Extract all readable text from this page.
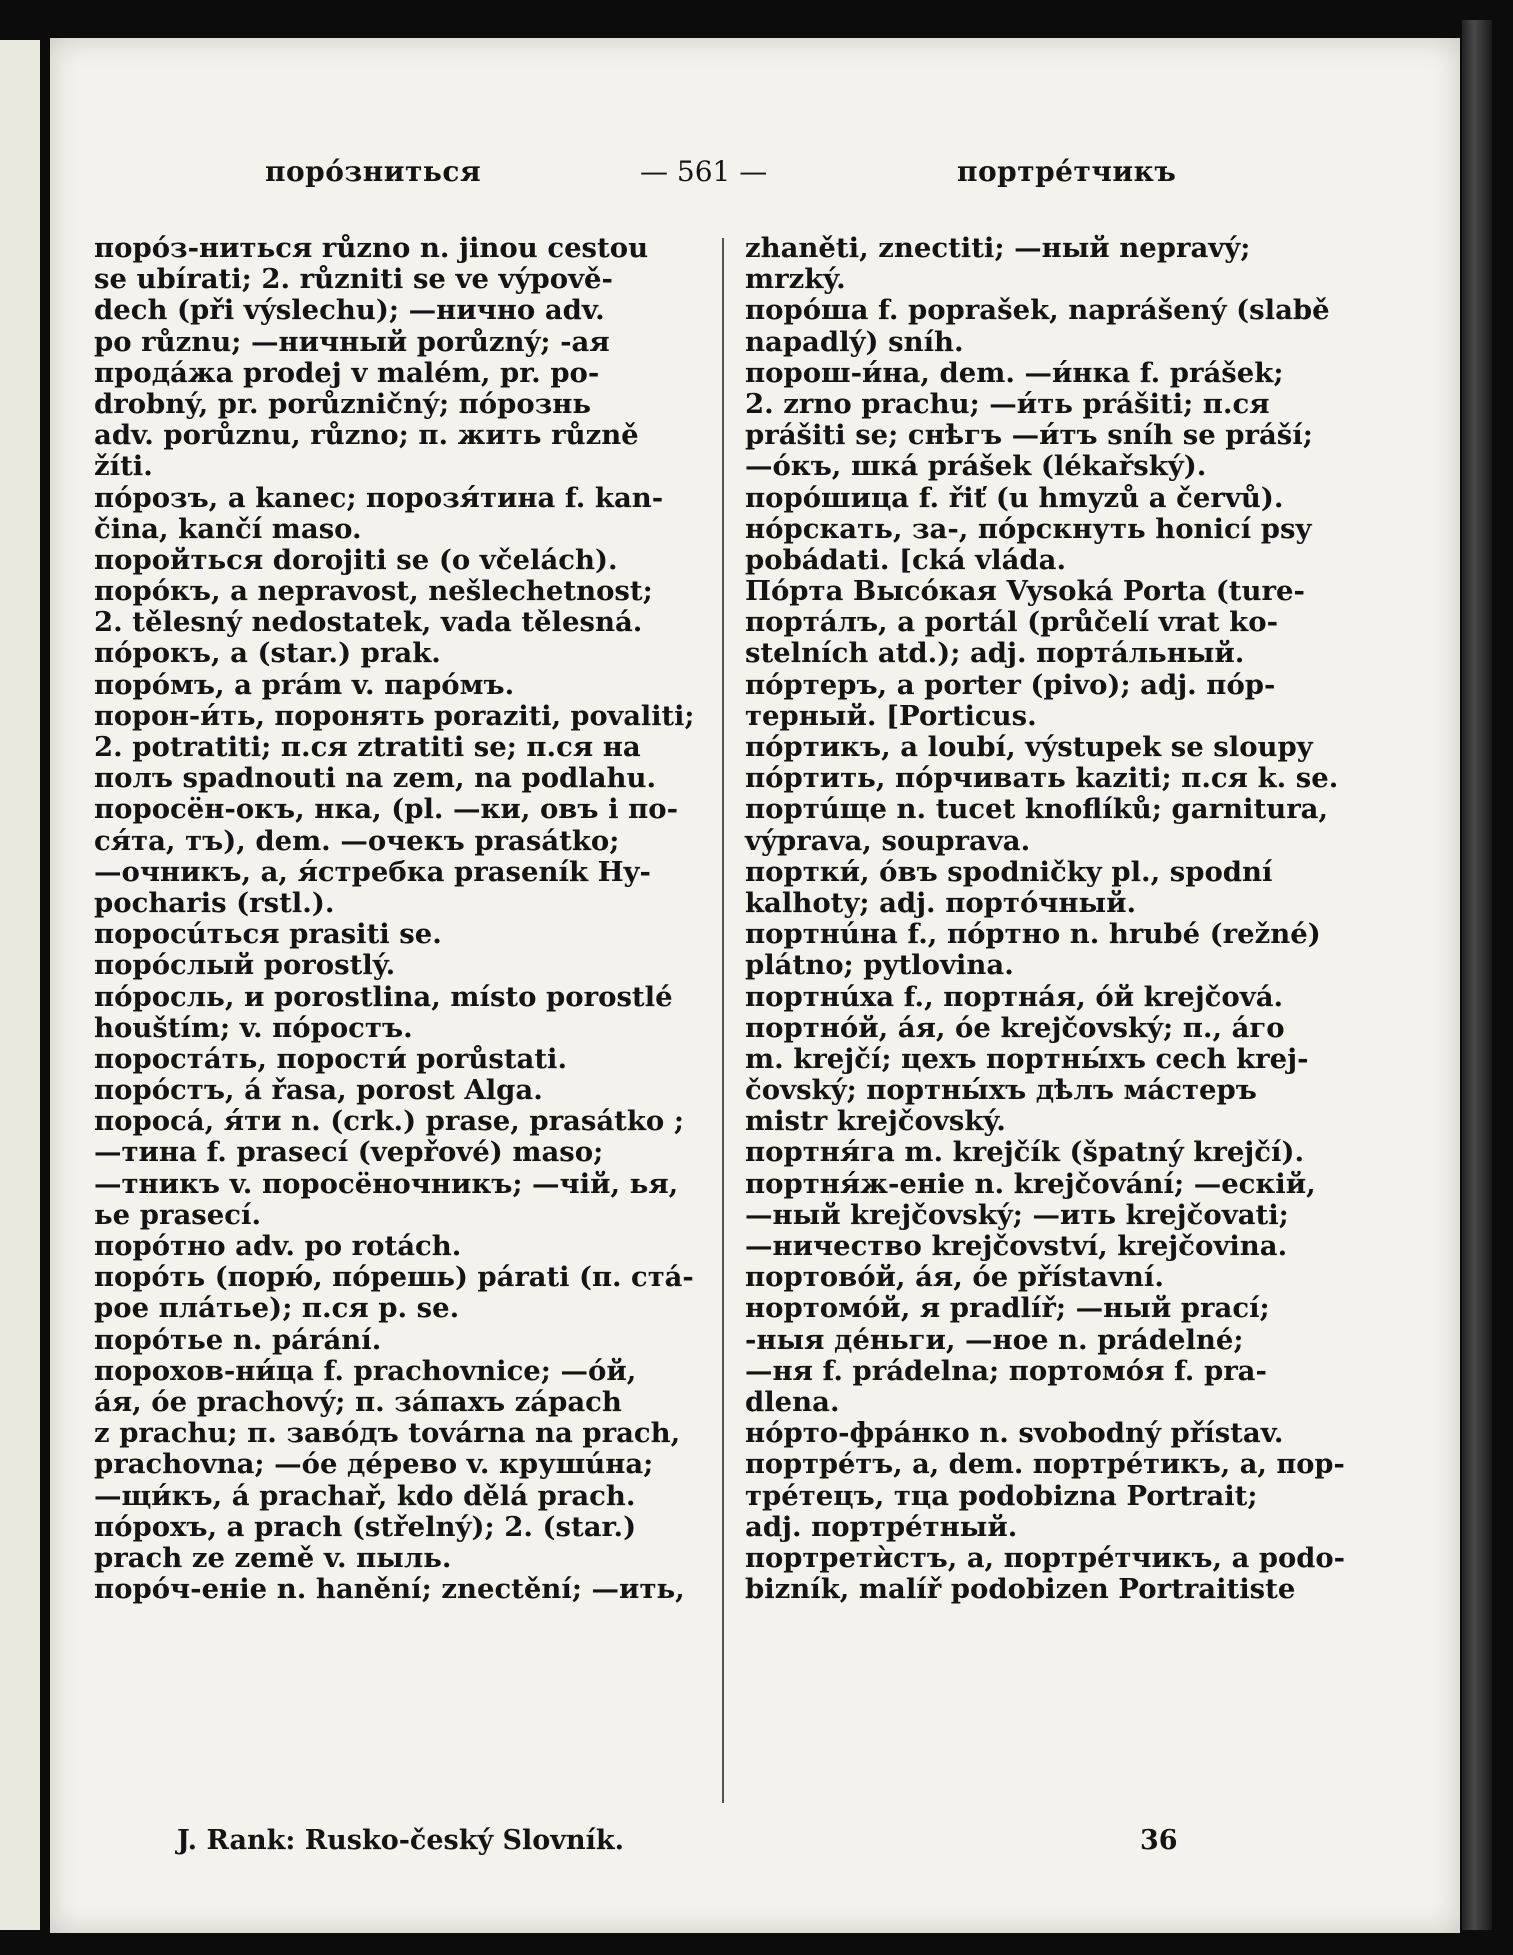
порóзниться	— 561 —	портрéтчикъ
порóз-ниться různo n. jinou cestou
se ubírati; 2. různiti se ve výpově-
dech (při výslechu); —нично adv.
po různu; —ничный porůzný; -ая
продáжа prodej v malém, pr. po-
drobný, pr. porůzničný; пóрознь
adv. porůznu, různo; п. жить různě
žíti.
пóрозъ, a kanec; порозя́тина f. kan-
čina, kančí maso.
поройться dorojiti se (o včelách).
порóкъ, a nepravost, nešlechetnost;
2. tělesný nedostatek, vada tělesná.
пóрокъ, a (star.) prak.
порóмъ, a prám v. парóмъ.
порон-и́ть, поронять poraziti, povaliti;
2. potratiti; п.ся ztratiti se; п.ся на
полъ spadnouti na zem, na podlahu.
поросён-окъ, нка, (pl. —ки, овъ i по-
ся́та, тъ), dem. —очекъ prasátko;
—очникъ, а, я́стребка praseník Hy-
pocharis (rstl.).
поросúться prasiti se.
порóслый porostlý.
пóросль, и porostlina, místo porostlé
houštím; v. пóростъ.
поростáть, порости́ porůstati.
порóстъ, á řasa, porost Alga.
поросá, я́ти n. (crk.) prase, prasátko ;
—тина f. prasecí (vepřové) maso;
—тникъ v. поросёночникъ; —чій, ья,
ье prasecí.
порóтно adv. po rotách.
порóть (порю́, пóрешь) párati (п. стá-
рое плáтье); п.ся р. se.
порóтье n. párání.
порохов-ни́ца f. prachovnice; —óй,
áя, óе prachový; п. зáпахъ zápach
z prachu; п. завóдъ továrna na prach,
prachovna; —óе дéрево v. крушúна;
—щи́къ, á prachař, kdo dělá prach.
пóрохъ, a prach (střelný); 2. (star.)
prach ze země v. пыль.
порóч-еніе n. hanění; znectění; —ить,
zhaněti, znectiti; —ный nepravý;
mrzký.
порóша f. poprašek, naprášený (slabě
napadlý) sníh.
порош-и́на, dem. —и́нка f. prášek;
2. zrno prachu; —и́ть prášiti; п.ся
prášiti se; снѣгъ —и́тъ sníh se práší;
—óкъ, шкá prášek (lékařský).
порóшица f. řiť (u hmyzů a červů).
нóрскать, за-, пóрскнуть honicí psy
pobádati. [cká vláda.
Пóрта Высóкая Vysoká Porta (ture-
портáлъ, а portál (průčelí vrat ko-
stelních atd.); adj. портáльный.
пóртеръ, a porter (pivo); adj. пóр-
терный. [Porticus.
пóртикъ, a loubí, výstupek se sloupy
пóртить, пóрчивать kaziti; п.ся k. se.
портúще n. tucet knoflíků; garnitura,
výprava, souprava.
портки́, óвъ spodničky pl., spodní
kalhoty; adj. портóчный.
портнúна f., пóртно n. hrubé (režné)
plátno; pytlovina.
портнúха f., портнáя, óй krejčová.
портнóй, áя, óе krejčovský; п., áго
m. krejčí; цехъ портны́хъ cech krej-
čovský; портны́хъ дѣлъ мáстеръ
mistr krejčovský.
портня́га m. krejčík (špatný krejčí).
портня́ж-еніе n. krejčování; —ескій,
—ный krejčovský; —ить krejčovati;
—ничество krejčovství, krejčovina.
портовóй, áя, óе přístavní.
нортомóй, я pradlíř; —ный prací;
-ныя дéньги, —ное n. prádelné;
—ня f. prádelna; портомóя f. pra-
dlena.
нóрто-фрáнко n. svobodný přístav.
портрéтъ, а, dem. портрéтикъ, а, пор-
трéтецъ, тца podobizna Portrait;
adj. портрéтный.
портретѝстъ, а, портрéтчикъ, a podo-
bizník, malíř podobizen Portraitiste
J. Rank: Rusko-český Slovník.	36
